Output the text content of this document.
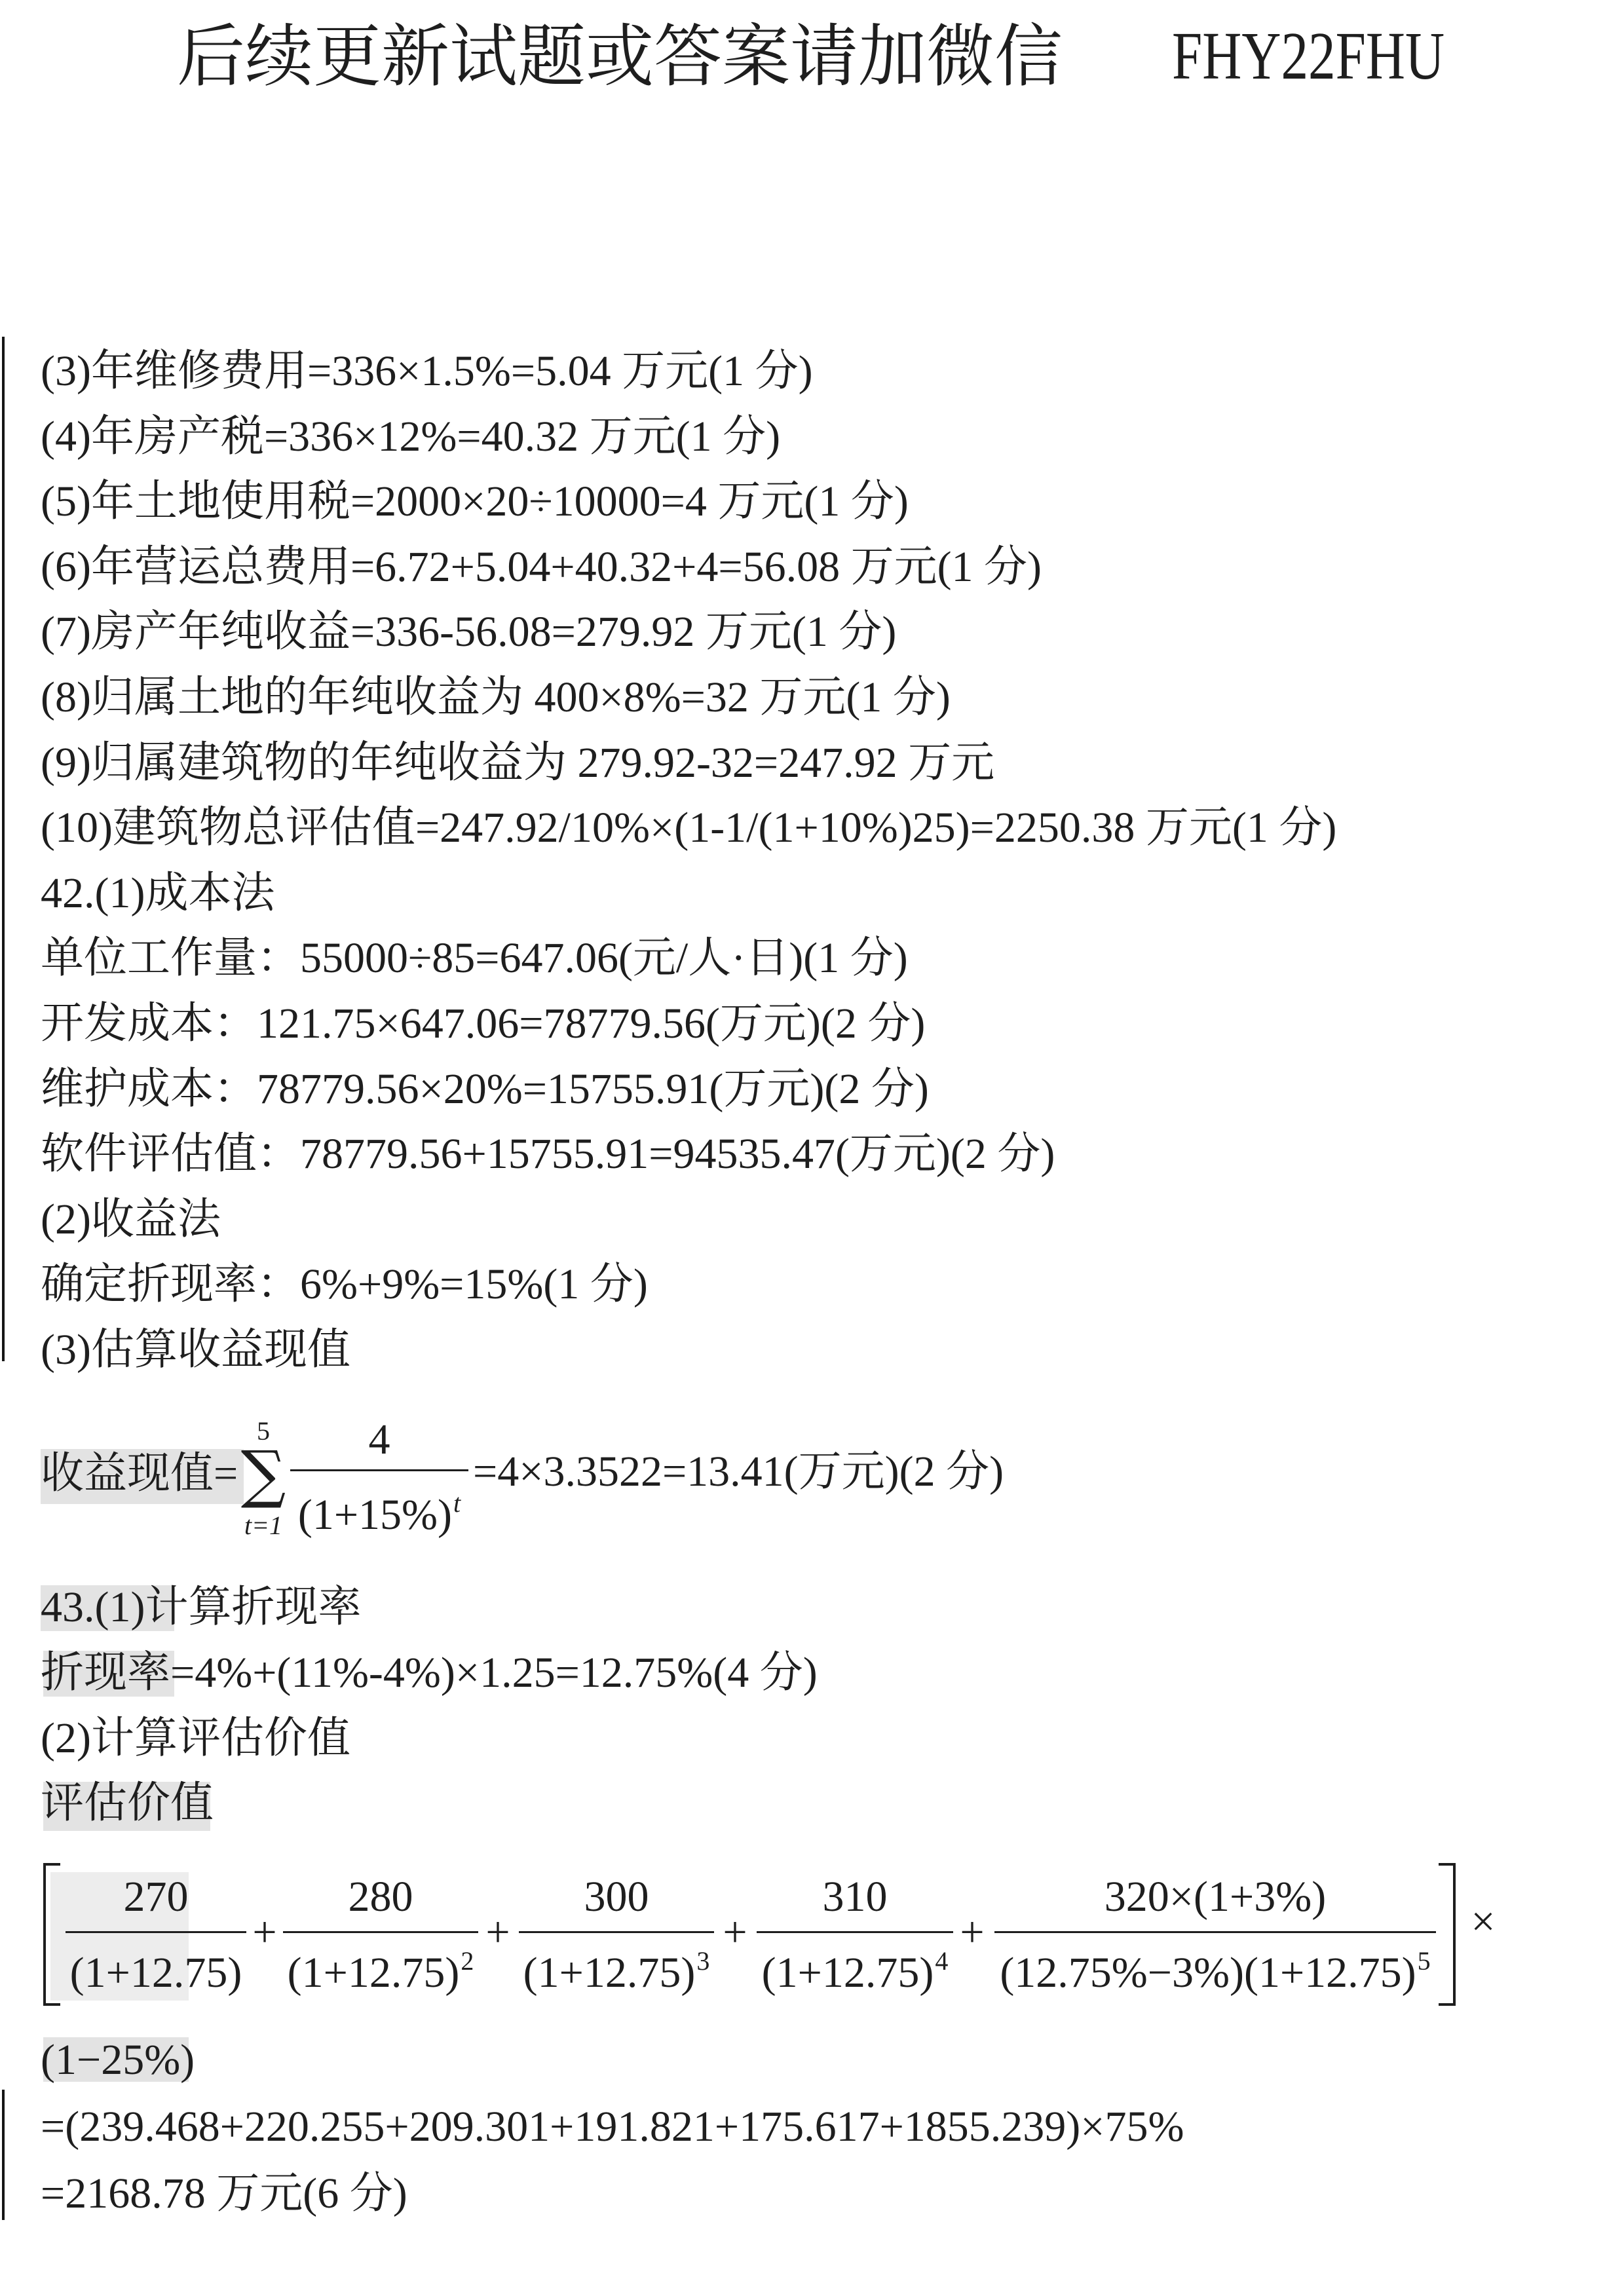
后续更新试题或答案请加微信 FHY22FHU
(3)年维修费用=336×1.5%=5.04 万元(1 分)
(4)年房产税=336×12%=40.32 万元(1 分)
(5)年土地使用税=2000×20÷10000=4 万元(1 分)
(6)年营运总费用=6.72+5.04+40.32+4=56.08 万元(1 分)
(7)房产年纯收益=336-56.08=279.92 万元(1 分)
(8)归属土地的年纯收益为 400×8%=32 万元(1 分)
(9)归属建筑物的年纯收益为 279.92-32=247.92 万元
(10)建筑物总评估值=247.92/10%×(1-1/(1+10%)25)=2250.38 万元(1 分)
42.(1)成本法
单位工作量：55000÷85=647.06(元/人·日)(1 分)
开发成本：121.75×647.06=78779.56(万元)(2 分)
维护成本：78779.56×20%=15755.91(万元)(2 分)
软件评估值：78779.56+15755.91=94535.47(万元)(2 分)
(2)收益法
确定折现率：6%+9%=15%(1 分)
(3)估算收益现值
收益现值= ∑
5
t=1
4
$(1+15\%)^t$
=4×3.3522=13.41(万元)(2 分)
43.(1)计算折现率
折现率=4%+(11%-4%)×1.25=12.75%(4 分)
(2)计算评估价值
评估价值
270
(1+12.75)
+
280
$(1+12.75)^2$
+
300
$(1+12.75)^3$
+
310
$(1+12.75)^4$
+
320×(1+3%)
$(12.75\%-3\%)(1+12.75)^5$
×
(1−25%)
=(239.468+220.255+209.301+191.821+175.617+1855.239)×75%
=2168.78 万元(6 分)
